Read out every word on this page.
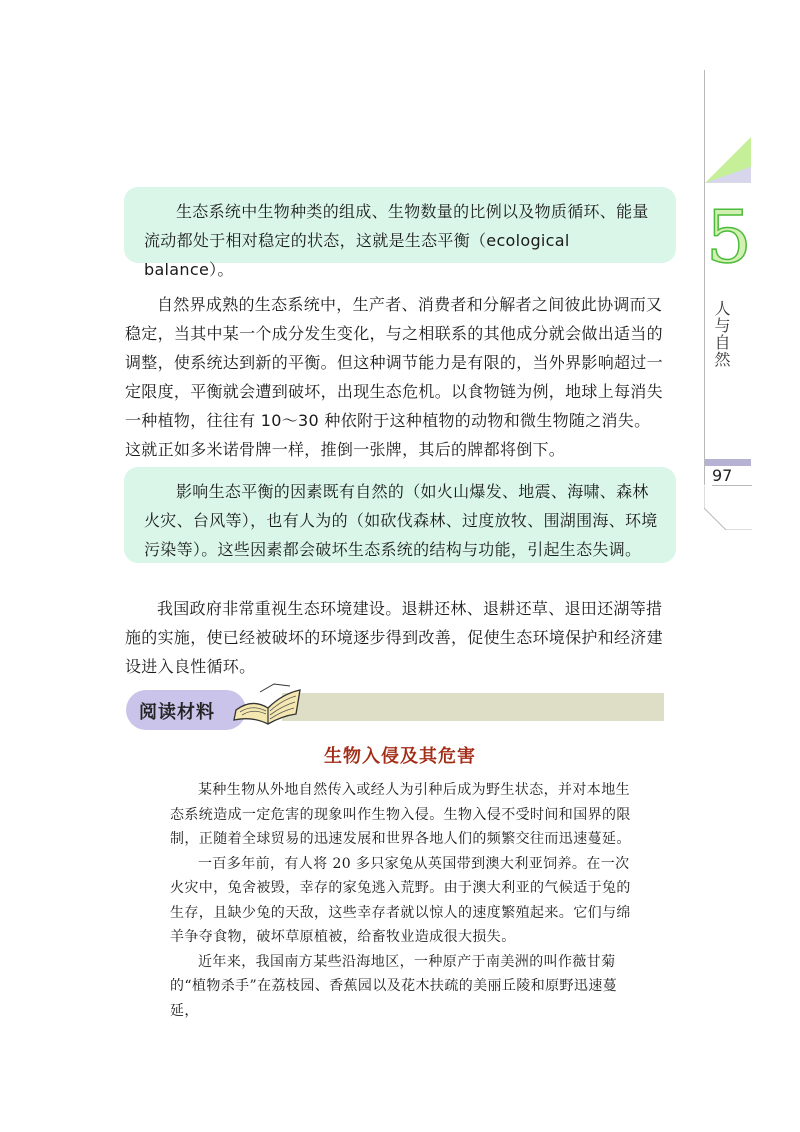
5
人与自然
97

生态系统中生物种类的组成、生物数量的比例以及物质循环、能量流动都处于相对稳定的状态，这就是生态平衡（ecological balance）。

自然界成熟的生态系统中，生产者、消费者和分解者之间彼此协调而又稳定，当其中某一个成分发生变化，与之相联系的其他成分就会做出适当的调整，使系统达到新的平衡。但这种调节能力是有限的，当外界影响超过一定限度，平衡就会遭到破坏，出现生态危机。以食物链为例，地球上每消失一种植物，往往有 10～30 种依附于这种植物的动物和微生物随之消失。这就正如多米诺骨牌一样，推倒一张牌，其后的牌都将倒下。

影响生态平衡的因素既有自然的（如火山爆发、地震、海啸、森林火灾、台风等），也有人为的（如砍伐森林、过度放牧、围湖围海、环境污染等）。这些因素都会破坏生态系统的结构与功能，引起生态失调。

我国政府非常重视生态环境建设。退耕还林、退耕还草、退田还湖等措施的实施，使已经被破坏的环境逐步得到改善，促使生态环境保护和经济建设进入良性循环。

阅读材料
生物入侵及其危害

某种生物从外地自然传入或经人为引种后成为野生状态，并对本地生态系统造成一定危害的现象叫作生物入侵。生物入侵不受时间和国界的限制，正随着全球贸易的迅速发展和世界各地人们的频繁交往而迅速蔓延。

一百多年前，有人将 20 多只家兔从英国带到澳大利亚饲养。在一次火灾中，兔舍被毁，幸存的家兔逃入荒野。由于澳大利亚的气候适于兔的生存，且缺少兔的天敌，这些幸存者就以惊人的速度繁殖起来。它们与绵羊争夺食物，破坏草原植被，给畜牧业造成很大损失。

近年来，我国南方某些沿海地区，一种原产于南美洲的叫作薇甘菊的“植物杀手”在荔枝园、香蕉园以及花木扶疏的美丽丘陵和原野迅速蔓延，
